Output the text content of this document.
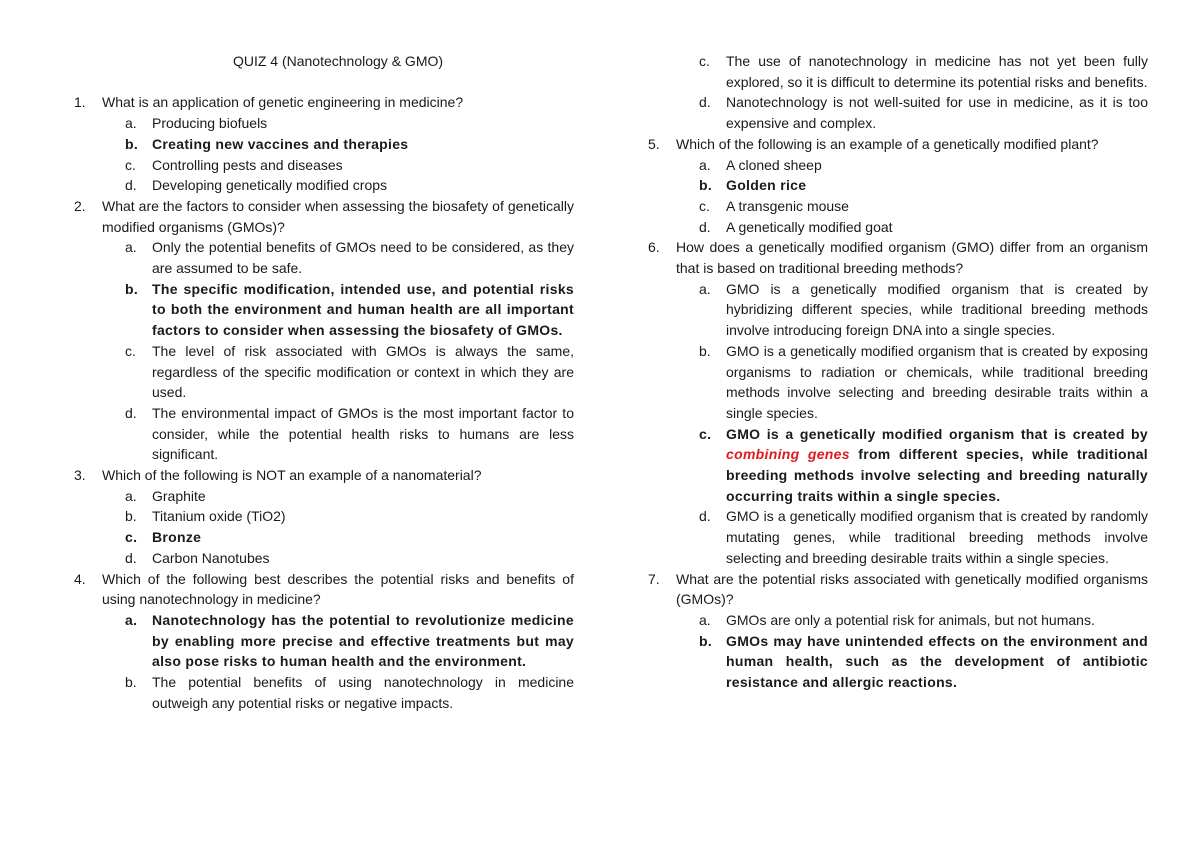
QUIZ 4 (Nanotechnology & GMO)
1.	What is an application of genetic engineering in medicine?
a.	Producing biofuels
b. Creating new vaccines and therapies
c.	Controlling pests and diseases
d.	Developing genetically modified crops
2.	What are the factors to consider when assessing the biosafety of genetically modified organisms (GMOs)?
a.	Only the potential benefits of GMOs need to be considered, as they are assumed to be safe.
b. The specific modification, intended use, and potential risks to both the environment and human health are all important factors to consider when assessing the biosafety of GMOs.
c.	The level of risk associated with GMOs is always the same, regardless of the specific modification or context in which they are used.
d.	The environmental impact of GMOs is the most important factor to consider, while the potential health risks to humans are less significant.
3.	Which of the following is NOT an example of a nanomaterial?
a.	Graphite
b.	Titanium oxide (TiO2)
c.	Bronze
d.	Carbon Nanotubes
4.	Which of the following best describes the potential risks and benefits of using nanotechnology in medicine?
a.	Nanotechnology has the potential to revolutionize medicine by enabling more precise and effective treatments but may also pose risks to human health and the environment.
b.	The potential benefits of using nanotechnology in medicine outweigh any potential risks or negative impacts.
c.	The use of nanotechnology in medicine has not yet been fully explored, so it is difficult to determine its potential risks and benefits.
d.	Nanotechnology is not well-suited for use in medicine, as it is too expensive and complex.
5.	Which of the following is an example of a genetically modified plant?
a.	A cloned sheep
b. Golden rice
c.	A transgenic mouse
d.	A genetically modified goat
6.	How does a genetically modified organism (GMO) differ from an organism that is based on traditional breeding methods?
a.	GMO is a genetically modified organism that is created by hybridizing different species, while traditional breeding methods involve introducing foreign DNA into a single species.
b.	GMO is a genetically modified organism that is created by exposing organisms to radiation or chemicals, while traditional breeding methods involve selecting and breeding desirable traits within a single species.
c.	GMO is a genetically modified organism that is created by combining genes from different species, while traditional breeding methods involve selecting and breeding naturally occurring traits within a single species.
d.	GMO is a genetically modified organism that is created by randomly mutating genes, while traditional breeding methods involve selecting and breeding desirable traits within a single species.
7.	What are the potential risks associated with genetically modified organisms (GMOs)?
a.	GMOs are only a potential risk for animals, but not humans.
b. GMOs may have unintended effects on the environment and human health, such as the development of antibiotic resistance and allergic reactions.
